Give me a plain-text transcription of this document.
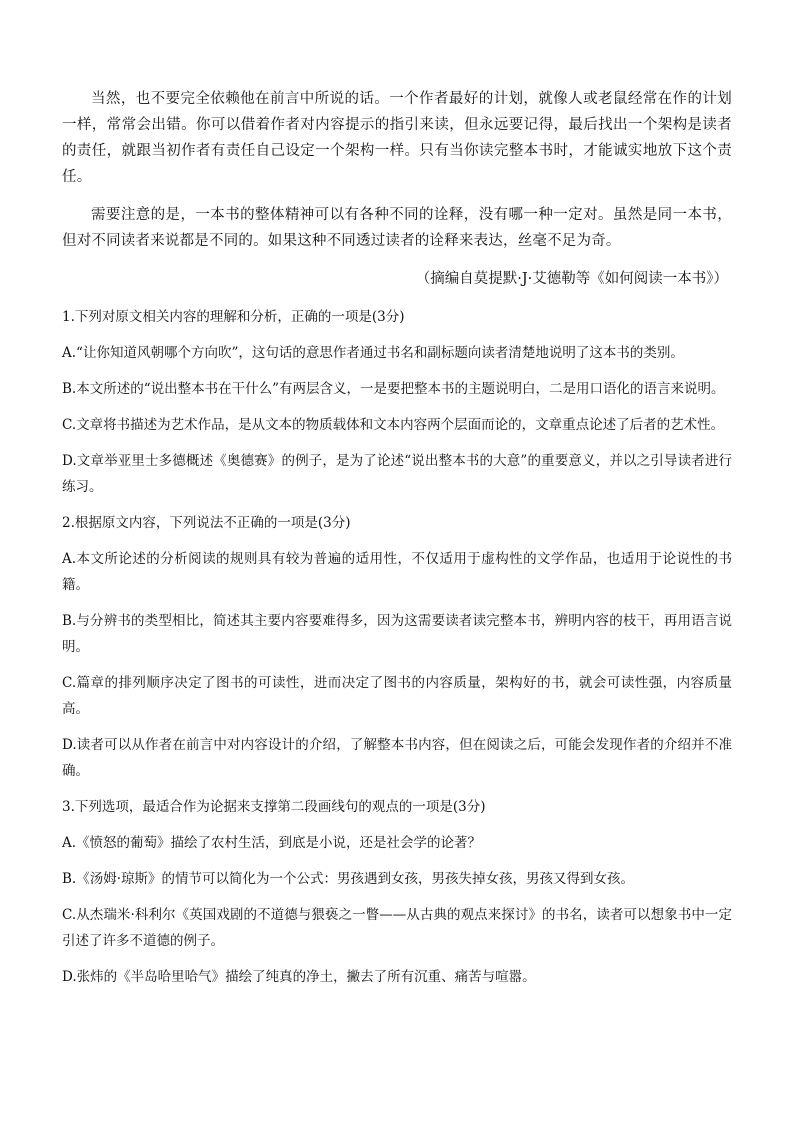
当然，也不要完全依赖他在前言中所说的话。一个作者最好的计划，就像人或老鼠经常在作的计划一样，常常会出错。你可以借着作者对内容提示的指引来读，但永远要记得，最后找出一个架构是读者的责任，就跟当初作者有责任自己设定一个架构一样。只有当你读完整本书时，才能诚实地放下这个责任。

需要注意的是，一本书的整体精神可以有各种不同的诠释，没有哪一种一定对。虽然是同一本书，但对不同读者来说都是不同的。如果这种不同透过读者的诠释来表达，丝毫不足为奇。

（摘编自莫提默·J·艾德勒等《如何阅读一本书》）

1.下列对原文相关内容的理解和分析，正确的一项是(3分)

A.“让你知道风朝哪个方向吹”，这句话的意思作者通过书名和副标题向读者清楚地说明了这本书的类别。

B.本文所述的“说出整本书在干什么”有两层含义，一是要把整本书的主题说明白，二是用口语化的语言来说明。

C.文章将书描述为艺术作品，是从文本的物质载体和文本内容两个层面而论的，文章重点论述了后者的艺术性。

D.文章举亚里士多德概述《奥德赛》的例子，是为了论述“说出整本书的大意”的重要意义，并以之引导读者进行练习。

2.根据原文内容，下列说法不正确的一项是(3分)

A.本文所论述的分析阅读的规则具有较为普遍的适用性，不仅适用于虚构性的文学作品，也适用于论说性的书籍。

B.与分辨书的类型相比，简述其主要内容要难得多，因为这需要读者读完整本书，辨明内容的枝干，再用语言说明。

C.篇章的排列顺序决定了图书的可读性，进而决定了图书的内容质量，架构好的书，就会可读性强，内容质量高。

D.读者可以从作者在前言中对内容设计的介绍，了解整本书内容，但在阅读之后，可能会发现作者的介绍并不准确。

3.下列选项，最适合作为论据来支撑第二段画线句的观点的一项是(3分)

A.《愤怒的葡萄》描绘了农村生活，到底是小说，还是社会学的论著？

B.《汤姆·琼斯》的情节可以简化为一个公式：男孩遇到女孩，男孩失掉女孩，男孩又得到女孩。

C.从杰瑞米·科利尔《英国戏剧的不道德与猥亵之一瞥——从古典的观点来探讨》的书名，读者可以想象书中一定引述了许多不道德的例子。

D.张炜的《半岛哈里哈气》描绘了纯真的净土，撇去了所有沉重、痛苦与喧嚣。
